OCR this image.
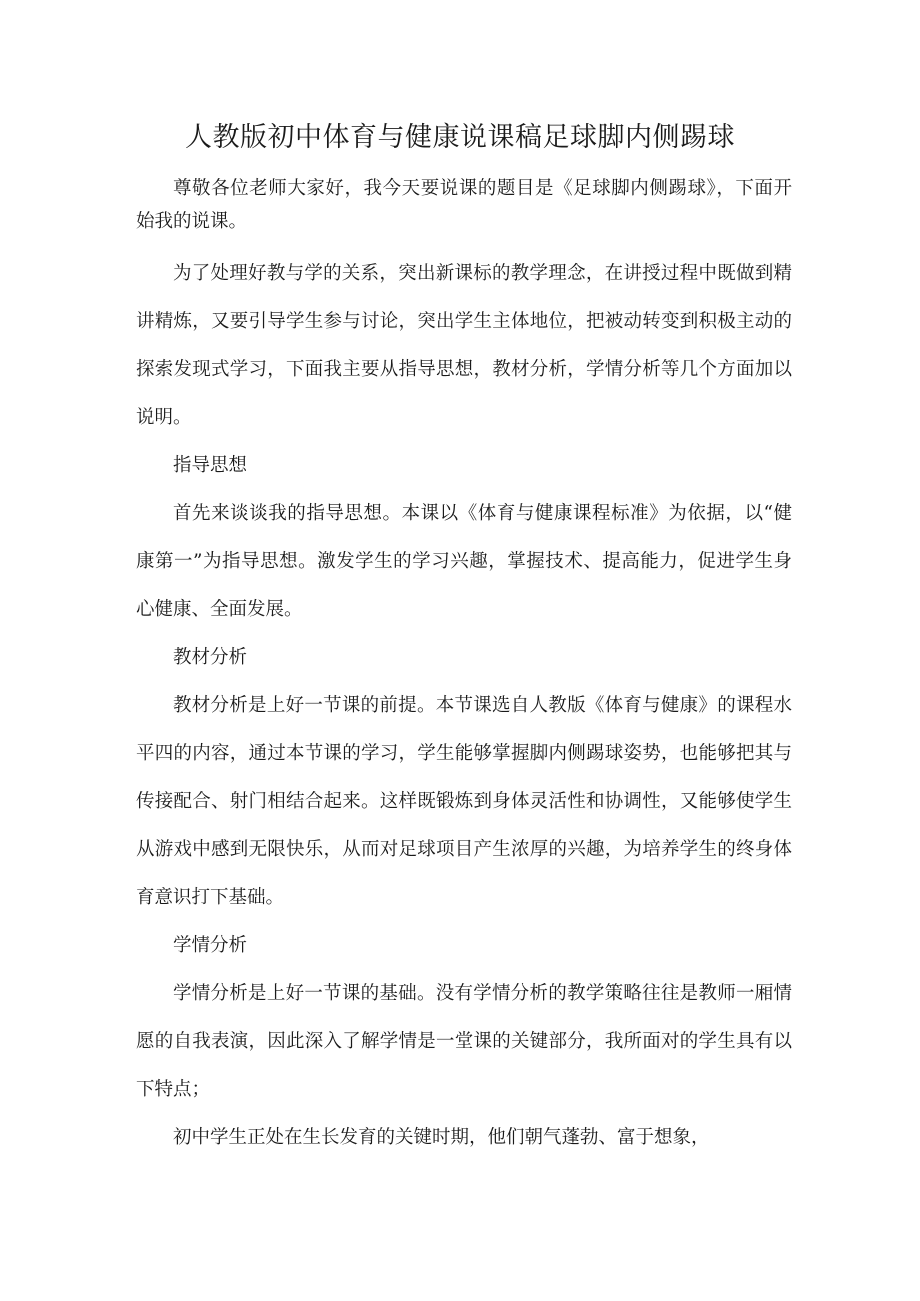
人教版初中体育与健康说课稿足球脚内侧踢球

尊敬各位老师大家好，我今天要说课的题目是《足球脚内侧踢球》，下面开始我的说课。

为了处理好教与学的关系，突出新课标的教学理念，在讲授过程中既做到精讲精炼，又要引导学生参与讨论，突出学生主体地位，把被动转变到积极主动的探索发现式学习，下面我主要从指导思想，教材分析，学情分析等几个方面加以说明。

指导思想

首先来谈谈我的指导思想。本课以《体育与健康课程标准》为依据，以“健康第一”为指导思想。激发学生的学习兴趣，掌握技术、提高能力，促进学生身心健康、全面发展。

教材分析

教材分析是上好一节课的前提。本节课选自人教版《体育与健康》的课程水平四的内容，通过本节课的学习，学生能够掌握脚内侧踢球姿势，也能够把其与传接配合、射门相结合起来。这样既锻炼到身体灵活性和协调性，又能够使学生从游戏中感到无限快乐，从而对足球项目产生浓厚的兴趣，为培养学生的终身体育意识打下基础。

学情分析

学情分析是上好一节课的基础。没有学情分析的教学策略往往是教师一厢情愿的自我表演，因此深入了解学情是一堂课的关键部分，我所面对的学生具有以下特点；

初中学生正处在生长发育的关键时期，他们朝气蓬勃、富于想象，
